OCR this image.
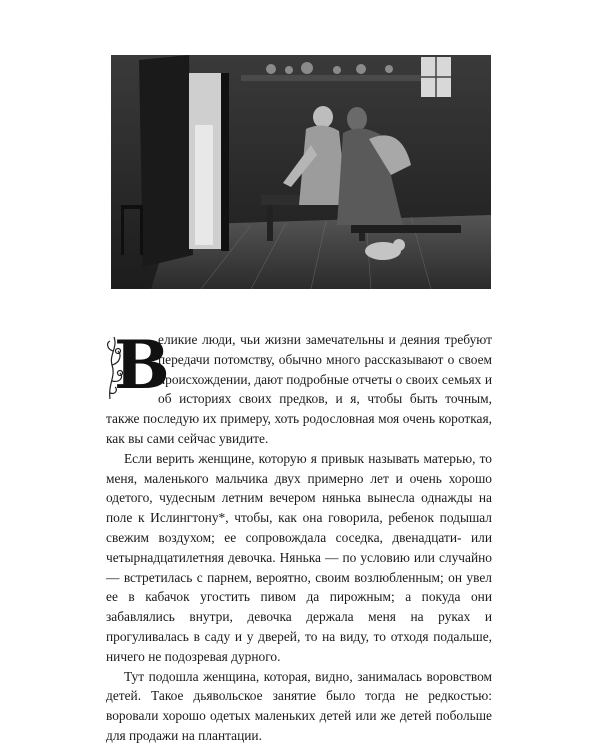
В
еликие люди, чьи жизни замечательны и деяния требуют передачи потомству, обычно много рассказывают о своем происхождении, дают подробные отчеты о своих семьях и об историях своих предков, и я, чтобы быть точным, также последую их примеру, хоть родословная моя очень короткая, как вы сами сейчас увидите.

Если верить женщине, которую я привык называть матерью, то меня, маленького мальчика двух примерно лет и очень хорошо одетого, чудесным летним вечером нянька вынесла однажды на поле к Ислингтону*, чтобы, как она говорила, ребенок подышал свежим воздухом; ее сопровождала соседка, двенадцати- или четырнадцатилетняя девочка. Нянька — по условию или случайно — встретилась с парнем, вероятно, своим возлюбленным; он увел ее в кабачок угостить пивом да пирожным; а покуда они забавлялись внутри, девочка держала меня на руках и прогуливалась в саду и у дверей, то на виду, то отходя подальше, ничего не подозревая дурного.

Тут подошла женщина, которая, видно, занималась воровством детей. Такое дьявольское занятие было тогда не редкостью: воровали хорошо одетых маленьких детей или же детей побольше для продажи на плантации.
